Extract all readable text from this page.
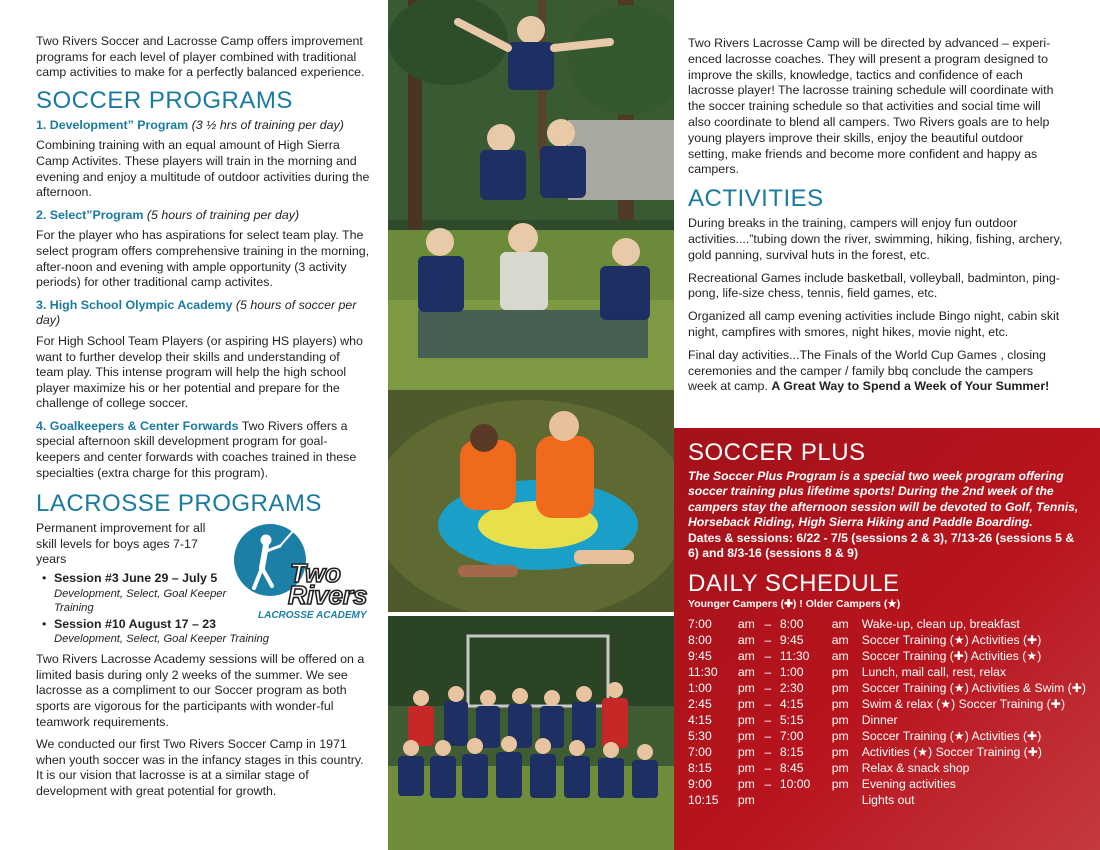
Two Rivers Soccer and Lacrosse Camp offers improvement programs for each level of player combined with traditional camp activities to make for a perfectly balanced experience.

SOCCER PROGRAMS
1. Development” Program (3 ½ hrs of training per day)

Combining training with an equal amount of High Sierra Camp Activites. These players will train in the morning and evening and enjoy a multitude of outdoor activities during the afternoon.

2. Select”Program (5 hours of training per day)

For the player who has aspirations for select team play. The select program offers comprehensive training in the morning, after-noon and evening with ample opportunity (3 activity periods) for other traditional camp activites.

3. High School Olympic Academy (5 hours of soccer per day)

For High School Team Players (or aspiring HS players) who want to further develop their skills and understanding of team play. This intense program will help the high school player maximize his or her potential and prepare for the challenge of college soccer.

4. Goalkeepers & Center Forwards Two Rivers offers a special afternoon skill development program for goal-keepers and center forwards with coaches trained in these specialties (extra charge for this program).

LACROSSE PROGRAMS

Permanent improvement for all skill levels for boys ages 7-17 years

• Session #3 June 29 – July 5
Development, Select, Goal Keeper Training
• Session #10 August 17 – 23
Development, Select, Goal Keeper Training

Two Rivers Lacrosse Academy sessions will be offered on a limited basis during only 2 weeks of the summer. We see lacrosse as a compliment to our Soccer program as both sports are vigorous for the participants with wonder-ful teamwork requirements.

We conducted our first Two Rivers Soccer Camp in 1971 when youth soccer was in the infancy stages in this country. It is our vision that lacrosse is at a similar stage of development with great potential for growth.

Two
Rivers
LACROSSE ACADEMY

Two Rivers Lacrosse Camp will be directed by advanced – experi-enced lacrosse coaches. They will present a program designed to improve the skills, knowledge, tactics and confidence of each lacrosse player! The lacrosse training schedule will coordinate with the soccer training schedule so that activities and social time will also coordinate to blend all campers. Two Rivers goals are to help young players improve their skills, enjoy the beautiful outdoor setting, make friends and become more confident and happy as campers.

ACTIVITIES

During breaks in the training, campers will enjoy fun outdoor activities....”tubing down the river, swimming, hiking, fishing, archery, gold panning, survival huts in the forest, etc.

Recreational Games include basketball, volleyball, badminton, ping-pong, life-size chess, tennis, field games, etc.

Organized all camp evening activities include Bingo night, cabin skit night, campfires with smores, night hikes, movie night, etc.

Final day activities...The Finals of the World Cup Games , closing ceremonies and the camper / family bbq conclude the campers week at camp. A Great Way to Spend a Week of Your Summer!

SOCCER PLUS
The Soccer Plus Program is a special two week program offering soccer training plus lifetime sports! During the 2nd week of the campers stay the afternoon session will be devoted to Golf, Tennis, Horseback Riding, High Sierra Hiking and Paddle Boarding.
Dates & sessions: 6/22 - 7/5 (sessions 2 & 3), 7/13-26 (sessions 5 & 6) and 8/3-16 (sessions 8 & 9)
DAILY SCHEDULE
Younger Campers (✚) ! Older Campers (★)
7:00	am	–	8:00	am	Wake-up, clean up, breakfast
8:00	am	–	9:45	am	Soccer Training (★) Activities (✚)
9:45	am	–	11:30	am	Soccer Training (✚) Activities (★)
11:30	am	–	1:00	pm	Lunch, mail call, rest, relax
1:00	pm	–	2:30	pm	Soccer Training (★) Activities & Swim (✚)
2:45	pm	–	4:15	pm	Swim & relax (★) Soccer Training (✚)
4:15	pm	–	5:15	pm	Dinner
5:30	pm	–	7:00	pm	Soccer Training (★) Activities (✚)
7:00	pm	–	8:15	pm	Activities (★) Soccer Training (✚)
8:15	pm	–	8:45	pm	Relax & snack shop
9:00	pm	–	10:00	pm	Evening activities
10:15	pm				Lights out
